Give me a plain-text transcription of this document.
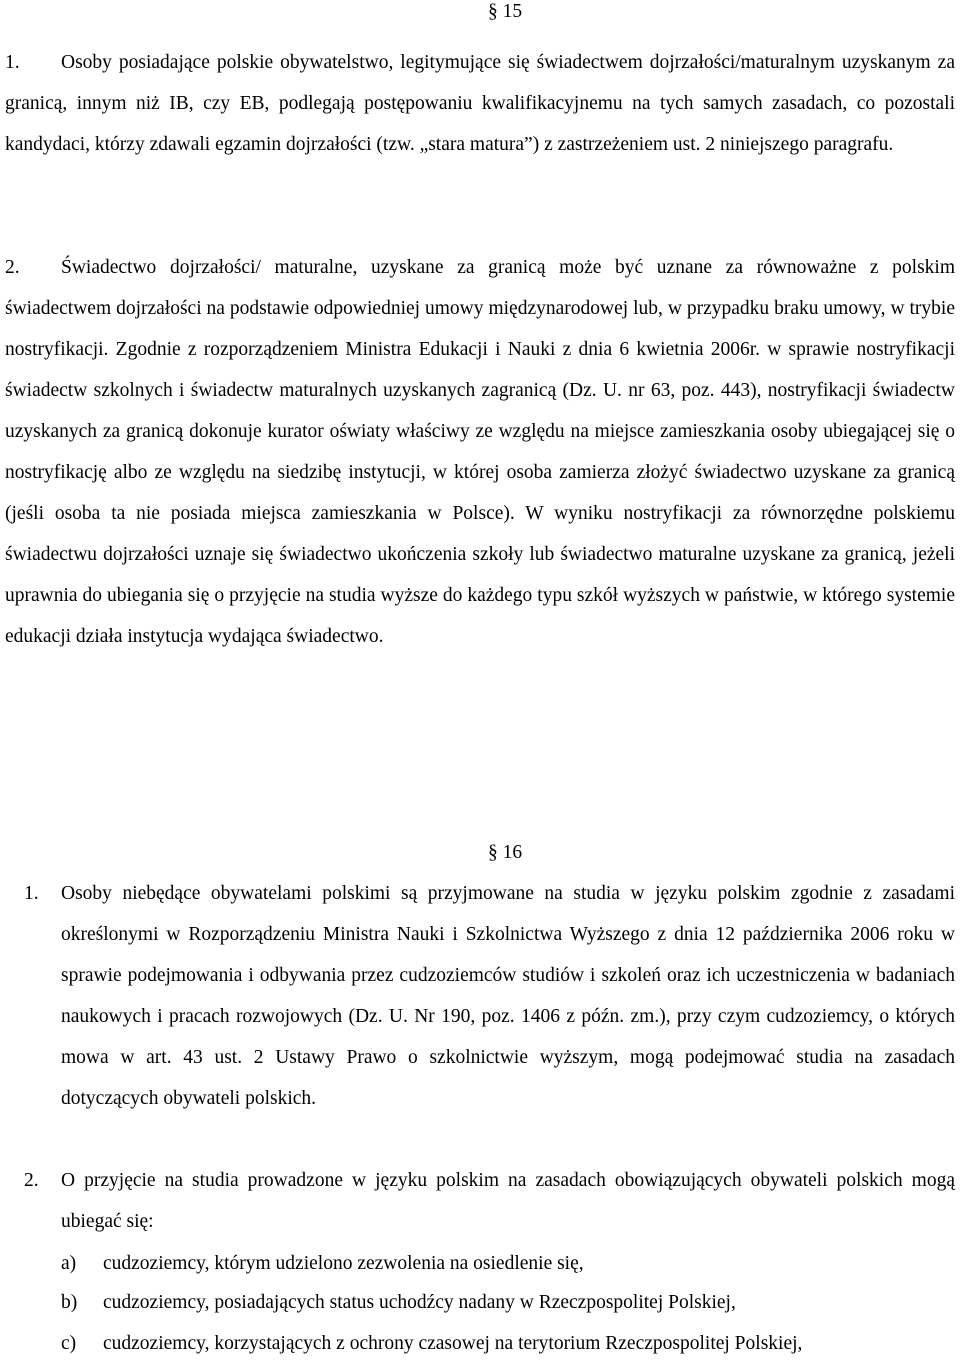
§ 15
1.	Osoby posiadające polskie obywatelstwo, legitymujące się świadectwem dojrzałości/maturalnym uzyskanym za granicą, innym niż IB, czy EB, podlegają postępowaniu kwalifikacyjnemu na tych samych zasadach, co pozostali kandydaci, którzy zdawali egzamin dojrzałości (tzw. „stara matura”) z zastrzeżeniem ust. 2 niniejszego paragrafu.
2.	Świadectwo dojrzałości/ maturalne, uzyskane za granicą może być uznane za równoważne z polskim świadectwem dojrzałości na podstawie odpowiedniej umowy międzynarodowej lub, w przypadku braku umowy, w trybie nostryfikacji. Zgodnie z rozporządzeniem Ministra Edukacji i Nauki z dnia 6 kwietnia 2006r. w sprawie nostryfikacji świadectw szkolnych i świadectw maturalnych uzyskanych zagranicą (Dz. U. nr 63, poz. 443), nostryfikacji świadectw uzyskanych za granicą dokonuje kurator oświaty właściwy ze względu na miejsce zamieszkania osoby ubiegającej się o nostryfikację albo ze względu na siedzibę instytucji, w której osoba zamierza złożyć świadectwo uzyskane za granicą (jeśli osoba ta nie posiada miejsca zamieszkania w Polsce). W wyniku nostryfikacji za równorzędne polskiemu świadectwu dojrzałości uznaje się świadectwo ukończenia szkoły lub świadectwo maturalne uzyskane za granicą, jeżeli uprawnia do ubiegania się o przyjęcie na studia wyższe do każdego typu szkół wyższych w państwie, w którego systemie edukacji działa instytucja wydająca świadectwo.
§ 16
1. Osoby niebędące obywatelami polskimi są przyjmowane na studia w języku polskim zgodnie z zasadami określonymi w Rozporządzeniu Ministra Nauki i Szkolnictwa Wyższego z dnia 12 października 2006 roku w sprawie podejmowania i odbywania przez cudzoziemców studiów i szkoleń oraz ich uczestniczenia w badaniach naukowych i pracach rozwojowych (Dz. U. Nr 190, poz. 1406 z późn. zm.), przy czym cudzoziemcy, o których mowa w art. 43 ust. 2 Ustawy Prawo o szkolnictwie wyższym, mogą podejmować studia na zasadach dotyczących obywateli polskich.
2. O przyjęcie na studia prowadzone w języku polskim na zasadach obowiązujących obywateli polskich mogą ubiegać się:
a) cudzoziemcy, którym udzielono zezwolenia na osiedlenie się,
b) cudzoziemcy, posiadających status uchodźcy nadany w Rzeczpospolitej Polskiej,
c) cudzoziemcy, korzystających z ochrony czasowej na terytorium Rzeczpospolitej Polskiej,
